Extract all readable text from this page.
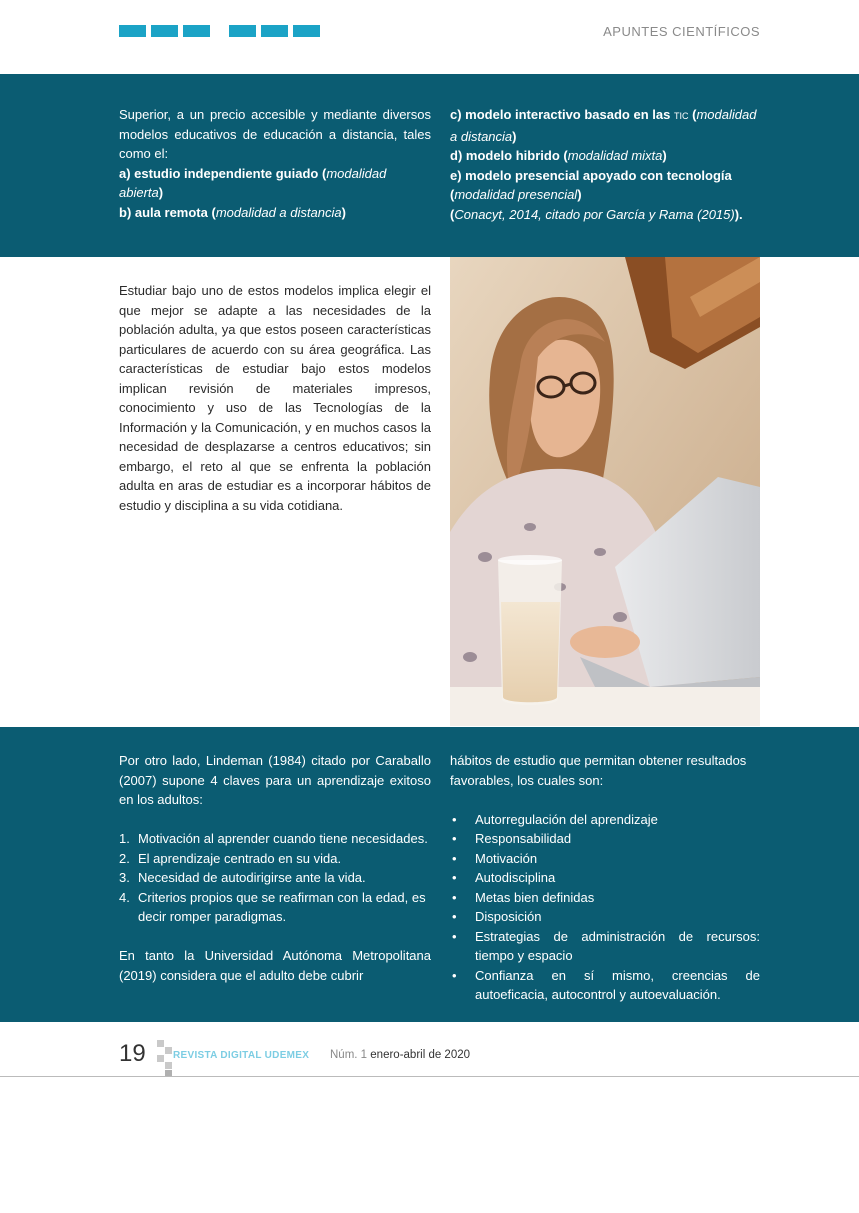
APUNTES CIENTÍFICOS

Superior, a un precio accesible y mediante diversos modelos educativos de educación a distancia, tales como el:

a) estudio independiente guiado (modalidad abierta)

b) aula remota (modalidad a distancia)

c) modelo interactivo basado en las TIC (modalidad a distancia)

d) modelo hibrido (modalidad mixta)

e) modelo presencial apoyado con tecnología (modalidad presencial)

(Conacyt, 2014, citado por García y Rama (2015)).

Estudiar bajo uno de estos modelos implica elegir el que mejor se adapte a las necesidades de la población adulta, ya que estos poseen características particulares de acuerdo con su área geográfica. Las características de estudiar bajo estos modelos implican revisión de materiales impresos, conocimiento y uso de las Tecnologías de la Información y la Comunicación, y en muchos casos la necesidad de desplazarse a centros educativos; sin embargo, el reto al que se enfrenta la población adulta en aras de estudiar es a incorporar hábitos de estudio y disciplina a su vida cotidiana.

Por otro lado, Lindeman (1984) citado por Caraballo (2007) supone 4 claves para un aprendizaje exitoso en los adultos:

1. Motivación al aprender cuando tiene necesidades.
2. El aprendizaje centrado en su vida.
3. Necesidad de autodirigirse ante la vida.
4. Criterios propios que se reafirman con la edad, es decir romper paradigmas.

En tanto la Universidad Autónoma Metropolitana (2019) considera que el adulto debe cubrir

hábitos de estudio que permitan obtener resultados favorables, los cuales son:

• Autorregulación del aprendizaje
• Responsabilidad
• Motivación
• Autodisciplina
• Metas bien definidas
• Disposición
• Estrategias de administración de recursos: tiempo y espacio
• Confianza en sí mismo, creencias de autoeficacia, autocontrol y autoevaluación.
19	REVISTA DIGITAL UDEMEX Núm. 1 enero-abril de 2020
